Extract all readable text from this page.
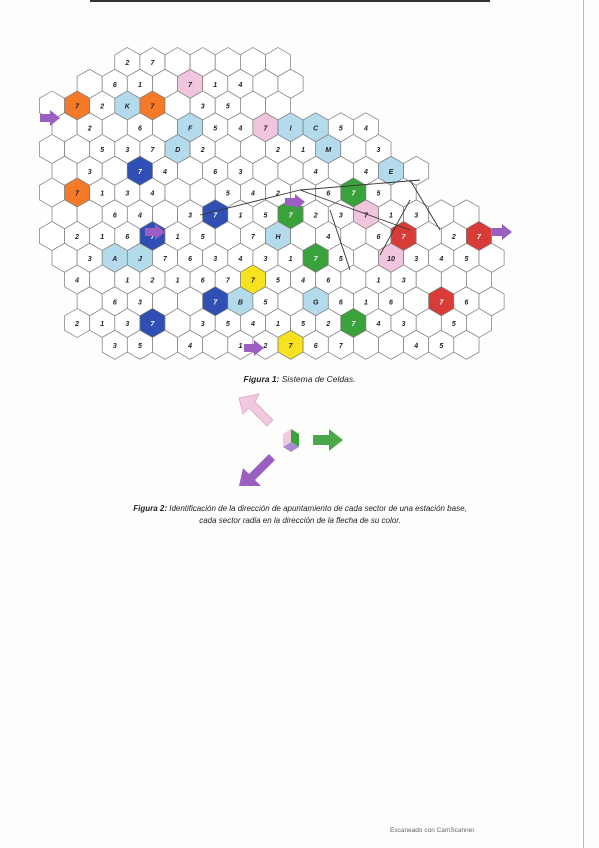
2	7
6	1	7	1	4
7	2	K	7	3	5
2	6	F	5	4	7	I	C	5	4
5	3	7	D	2	2	1	M	3
3	7	4	6	3	4	4	E
7	1	3	4	5	4	2	6	7	5
6	4	3	7	1	5	7	2	3	7	1	3
2	1	6	7	1	5	7	H	4	6	7	2	7
3	A	J	7	6	3	4	3	1	7	5	10	3	4	5
4	1	2	1	6	7	7	5	4	6	1	3
6	3	7	B	5	G	6	1	6	7	6
2	1	3	7	3	5	4	1	5	2	7	4	3	5
3	5	4	1	2	7	6	7	4	5
Figura 1: Sistema de Celdas.
Figura 2: Identificación de la dirección de apuntamiento de cada sector de una estación base,
cada sector radia en la dirección de la flecha de su color.
Escaneado con CamScanner
